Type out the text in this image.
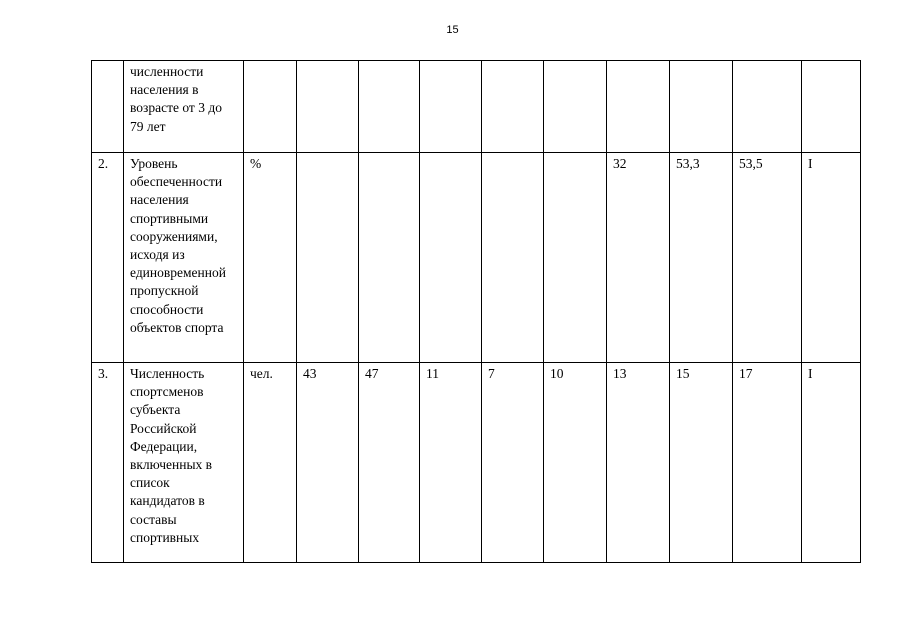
15
	численности населения в возрасте от 3 до 79 лет										
2.	Уровень обеспеченности населения спортивными сооружениями, исходя из единовременной пропускной способности объектов спорта	%						32	53,3	53,5	I
3.	Численность спортсменов субъекта Российской Федерации, включенных в список кандидатов в составы спортивных	чел.	43	47	11	7	10	13	15	17	I
